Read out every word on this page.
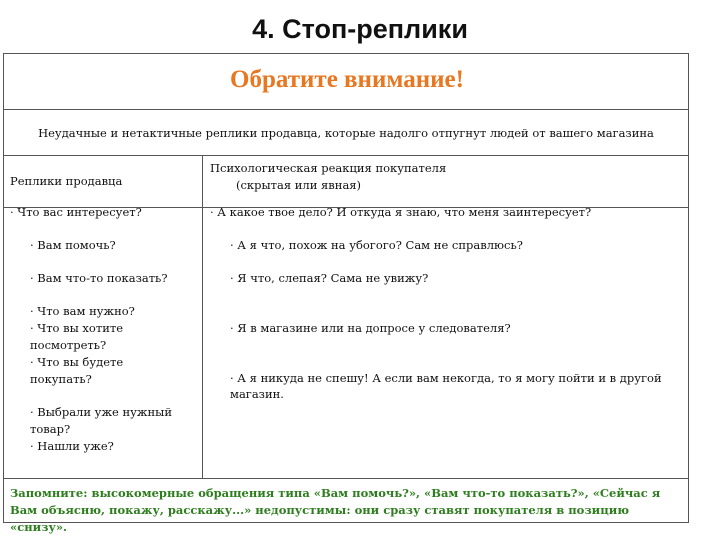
4. Стоп-реплики
Обратите внимание!
Неудачные и нетактичные реплики продавца, которые надолго отпугнут людей от вашего магазина
Реплики продавца
Психологическая реакция покупателя
(скрытая или явная)
· Что вас интересует?
· Вам помочь?
· Вам что-то показать?
· Что вам нужно?
· Что вы хотите
посмотреть?
· Что вы будете
покупать?
· Выбрали уже нужный
товар?
· Нашли уже?
· А какое твое дело? И откуда я знаю, что меня заинтересует?
· А я что, похож на убогого? Сам не справлюсь?
· Я что, слепая? Сама не увижу?
· Я в магазине или на допросе у следователя?
· А я никуда не спешу! А если вам некогда, то я могу пойти и в другой магазин.
Запомните: высокомерные обращения типа «Вам помочь?», «Вам что-то показать?», «Сейчас я Вам объясню, покажу, расскажу...» недопустимы: они сразу ставят покупателя в позицию «снизу».
